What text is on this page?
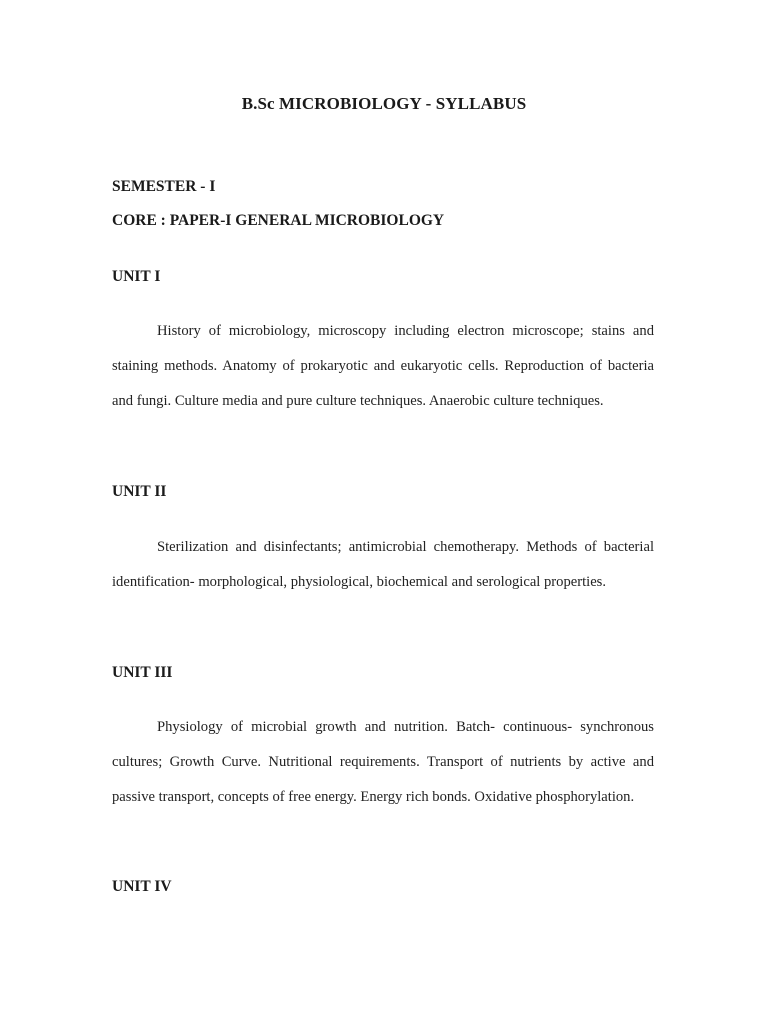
B.Sc MICROBIOLOGY - SYLLABUS
SEMESTER - I
CORE : PAPER-I GENERAL MICROBIOLOGY
UNIT I

History of microbiology, microscopy including electron microscope; stains and staining methods. Anatomy of prokaryotic and eukaryotic cells. Reproduction of bacteria and fungi. Culture media and pure culture techniques. Anaerobic culture techniques.

UNIT II

Sterilization and disinfectants; antimicrobial chemotherapy. Methods of bacterial identification- morphological, physiological, biochemical and serological properties.

UNIT III

Physiology of microbial growth and nutrition. Batch- continuous- synchronous cultures; Growth Curve. Nutritional requirements. Transport of nutrients by active and passive transport, concepts of free energy. Energy rich bonds. Oxidative phosphorylation.

UNIT IV
